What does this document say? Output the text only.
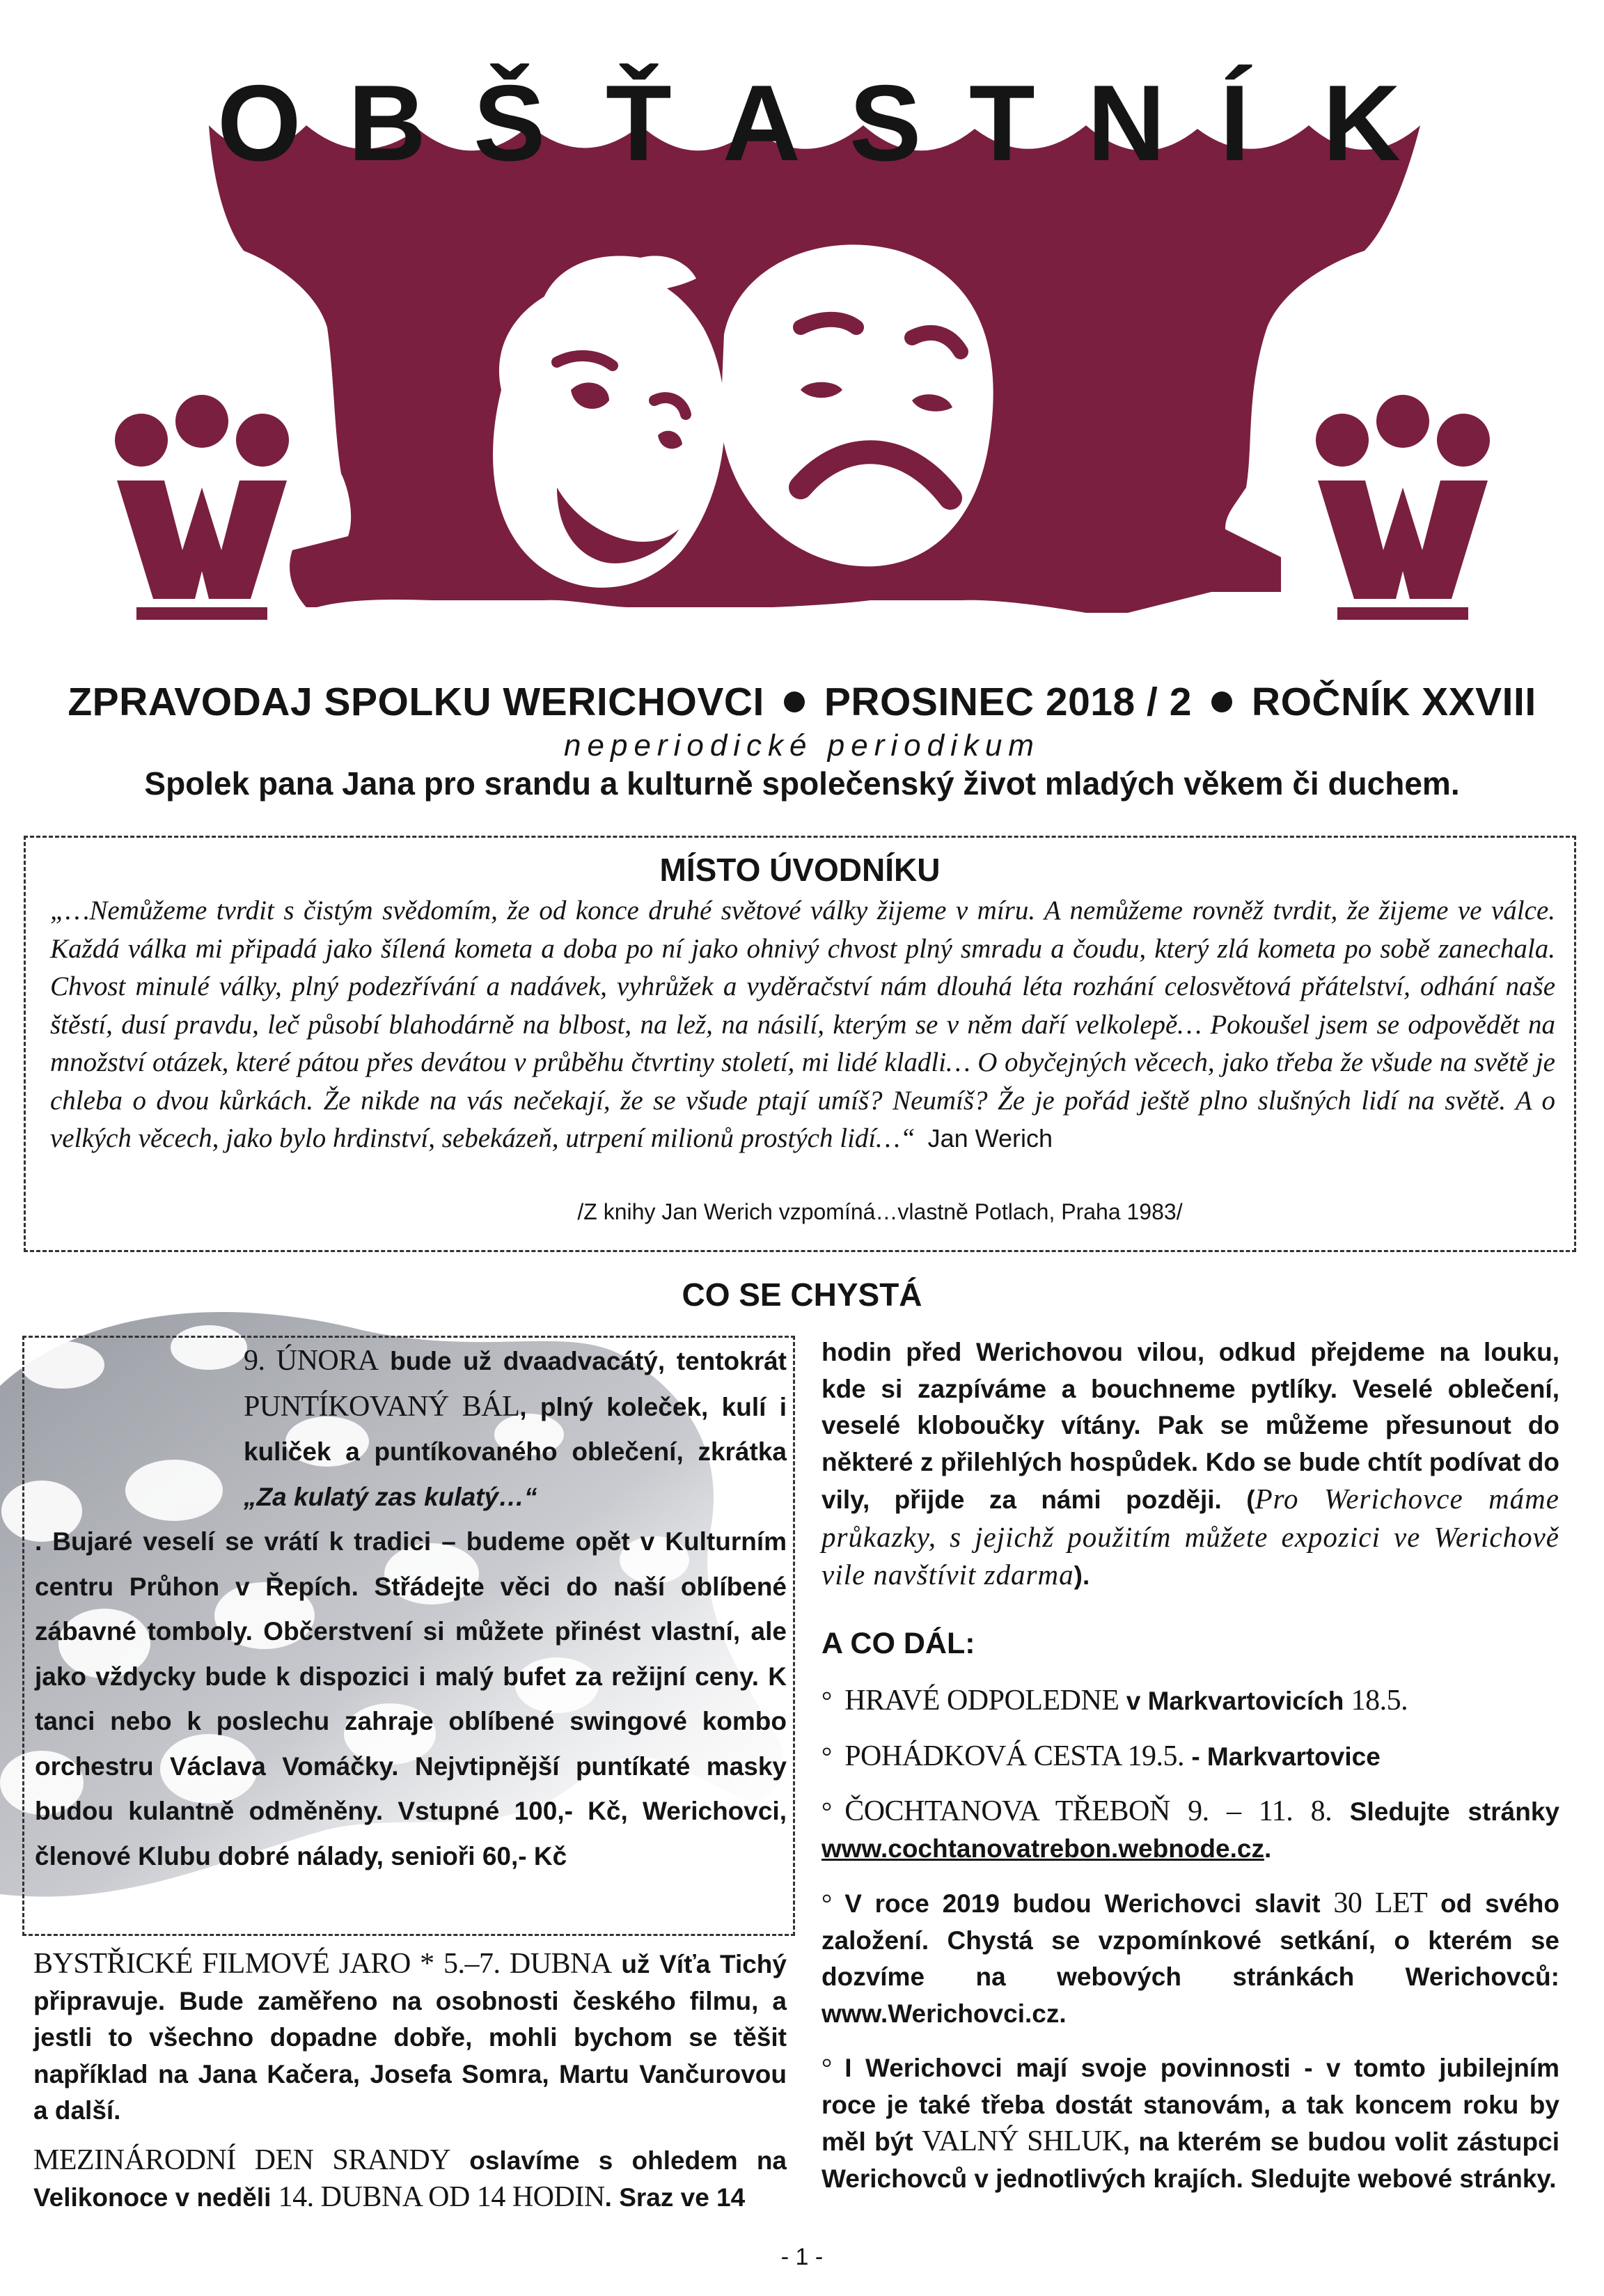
O B Š Ť A S T N Í K
ZPRAVODAJ SPOLKU WERICHOVCI PROSINEC 2018 / 2 ROČNÍK XXVIII
neperiodické periodikum
Spolek pana Jana pro srandu a kulturně společenský život mladých věkem či duchem.
MÍSTO ÚVODNÍKU
„…Nemůžeme tvrdit s čistým svědomím, že od konce druhé světové války žijeme v míru. A nemůžeme rovněž tvrdit, že žijeme ve válce. Každá válka mi připadá jako šílená kometa a doba po ní jako ohnivý chvost plný smradu a čoudu, který zlá kometa po sobě zanechala. Chvost minulé války, plný podezřívání a nadávek, vyhrůžek a vyděračství nám dlouhá léta rozhání celosvětová přátelství, odhání naše štěstí, dusí pravdu, leč působí blahodárně na blbost, na lež, na násilí, kterým se v něm daří velkolepě… Pokoušel jsem se odpovědět na množství otázek, které pátou přes devátou v průběhu čtvrtiny století, mi lidé kladli… O obyčejných věcech, jako třeba že všude na světě je chleba o dvou kůrkách. Že nikde na vás nečekají, že se všude ptají umíš? Neumíš? Že je pořád ještě plno slušných lidí na světě. A o velkých věcech, jako bylo hrdinství, sebekázeň, utrpení milionů prostých lidí…“ Jan Werich
/Z knihy Jan Werich vzpomíná…vlastně Potlach, Praha 1983/
CO SE CHYSTÁ
9. ÚNORA bude už dvaadvacátý, tentokrát PUNTÍKOVANÝ BÁL, plný koleček, kulí i kuliček a puntíkovaného oblečení, zkrátka „Za kulatý zas kulatý…“
. Bujaré veselí se vrátí k tradici – budeme opět v Kulturním centru Průhon v Řepích. Střádejte věci do naší oblíbené zábavné tomboly. Občerstvení si můžete přinést vlastní, ale jako vždycky bude k dispozici i malý bufet za režijní ceny. K tanci nebo k poslechu zahraje oblíbené swingové kombo orchestru Václava Vomáčky. Nejvtipnější puntíkaté masky budou kulantně odměněny. Vstupné 100,- Kč, Werichovci, členové Klubu dobré nálady, senioři 60,- Kč

BYSTŘICKÉ FILMOVÉ JARO * 5.–7. DUBNA už Víťa Tichý připravuje. Bude zaměřeno na osobnosti českého filmu, a jestli to všechno dopadne dobře, mohli bychom se těšit například na Jana Kačera, Josefa Somra, Martu Vančurovou a další.

MEZINÁRODNÍ DEN SRANDY oslavíme s ohledem na Velikonoce v neděli 14. DUBNA OD 14 HODIN. Sraz ve 14

hodin před Werichovou vilou, odkud přejdeme na louku, kde si zazpíváme a bouchneme pytlíky. Veselé oblečení, veselé kloboučky vítány. Pak se můžeme přesunout do některé z přilehlých hospůdek. Kdo se bude chtít podívat do vily, přijde za námi později. (Pro Werichovce máme průkazky, s jejichž použitím můžete expozici ve Werichově vile navštívit zdarma).

A CO DÁL:

° HRAVÉ ODPOLEDNE v Markvartovicích 18.5.

° POHÁDKOVÁ CESTA 19.5. - Markvartovice

° ČOCHTANOVA TŘEBOŇ 9. – 11. 8. Sledujte stránky www.cochtanovatrebon.webnode.cz.

° V roce 2019 budou Werichovci slavit 30 LET od svého založení. Chystá se vzpomínkové setkání, o kterém se dozvíme na webových stránkách Werichovců: www.Werichovci.cz.

° I Werichovci mají svoje povinnosti - v tomto jubilejním roce je také třeba dostát stanovám, a tak koncem roku by měl být VALNÝ SHLUK, na kterém se budou volit zástupci Werichovců v jednotlivých krajích. Sledujte webové stránky.

- 1 -
